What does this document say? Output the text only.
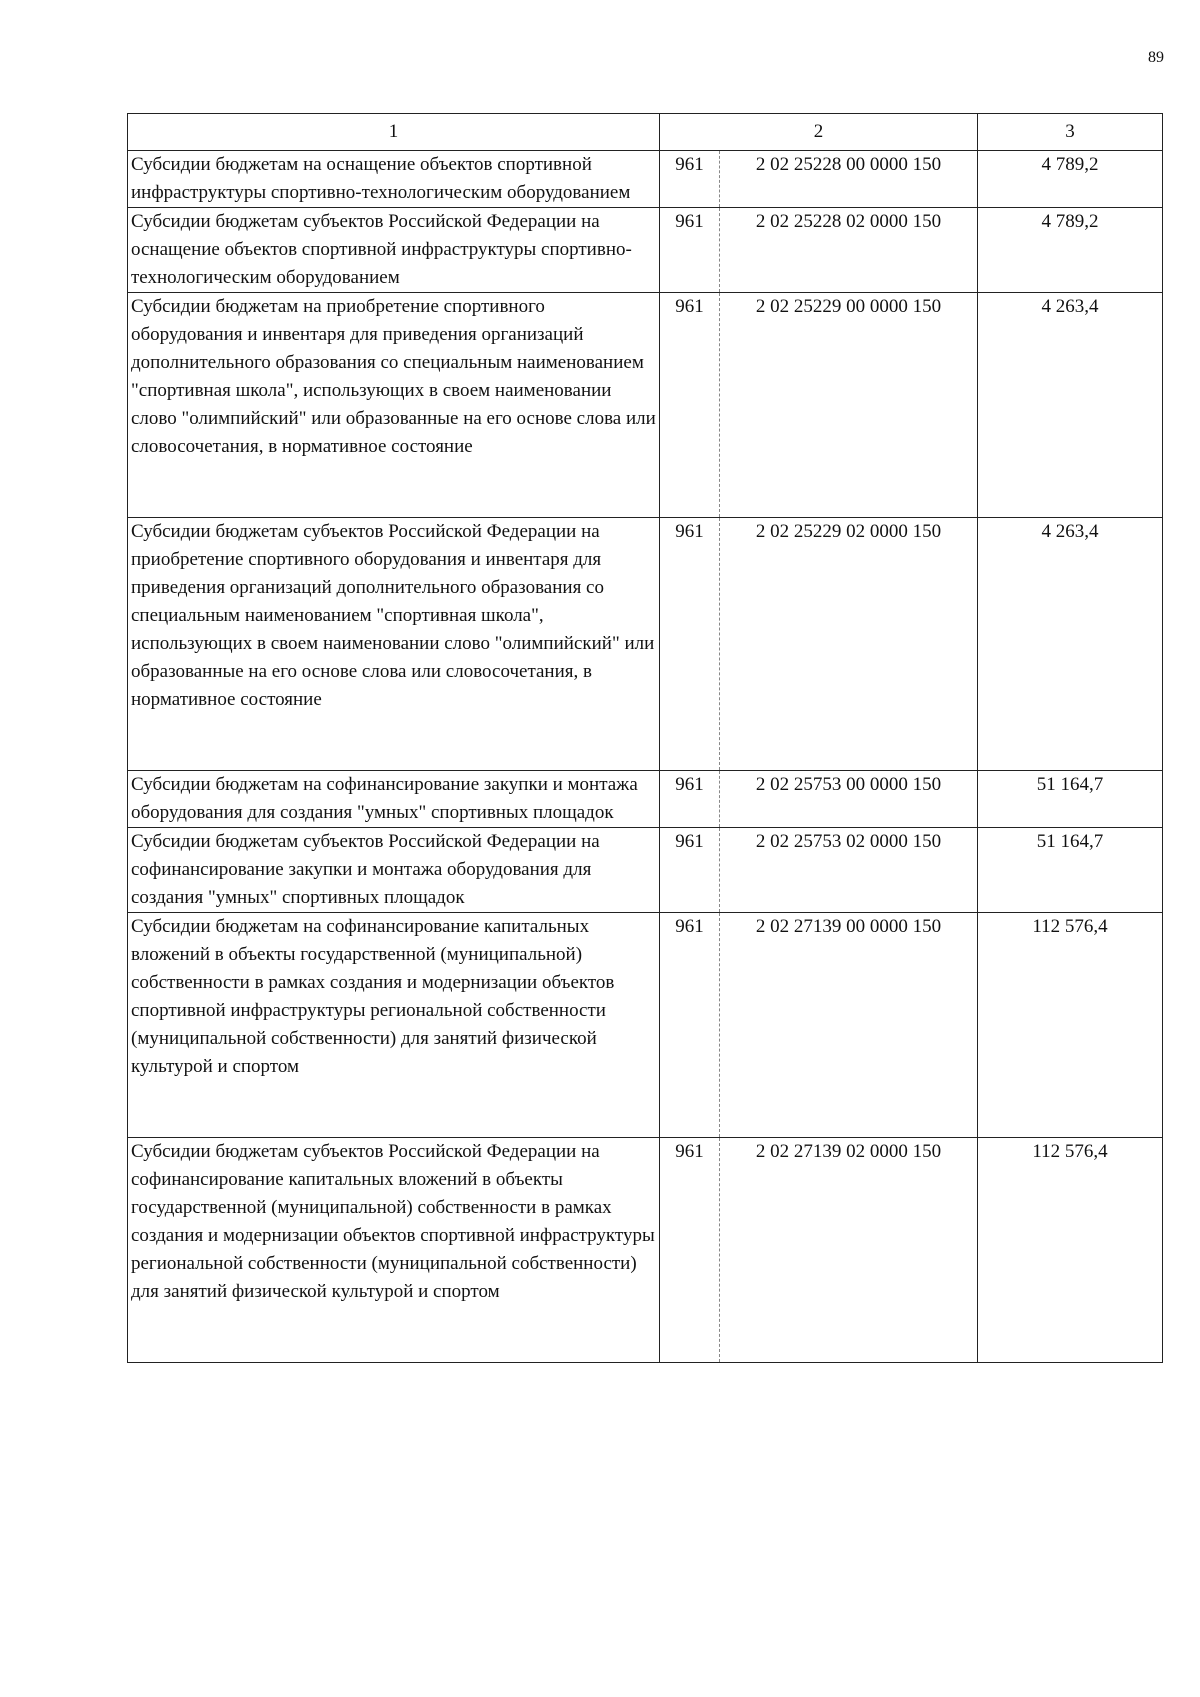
89
1	2		3
Субсидии бюджетам на оснащение объектов спортивной инфраструктуры спортивно-технологическим оборудованием	961	2 02 25228 00 0000 150	4 789,2
Субсидии бюджетам субъектов Российской Федерации на оснащение объектов спортивной инфраструктуры спортивно-технологическим оборудованием	961	2 02 25228 02 0000 150	4 789,2
Субсидии бюджетам на приобретение спортивного оборудования и инвентаря для приведения организаций дополнительного образования со специальным наименованием "спортивная школа", использующих в своем наименовании слово "олимпийский" или образованные на его основе слова или словосочетания, в нормативное состояние	961	2 02 25229 00 0000 150	4 263,4
Субсидии бюджетам субъектов Российской Федерации на приобретение спортивного оборудования и инвентаря для приведения организаций дополнительного образования со специальным наименованием "спортивная школа", использующих в своем наименовании слово "олимпийский" или образованные на его основе слова или словосочетания, в нормативное состояние	961	2 02 25229 02 0000 150	4 263,4
Субсидии бюджетам на софинансирование закупки и монтажа оборудования для создания "умных" спортивных площадок	961	2 02 25753 00 0000 150	51 164,7
Субсидии бюджетам субъектов Российской Федерации на софинансирование закупки и монтажа оборудования для создания "умных" спортивных площадок	961	2 02 25753 02 0000 150	51 164,7
Субсидии бюджетам на софинансирование капитальных вложений в объекты государственной (муниципальной) собственности в рамках создания и модернизации объектов спортивной инфраструктуры региональной собственности (муниципальной собственности) для занятий физической культурой и спортом	961	2 02 27139 00 0000 150	112 576,4
Субсидии бюджетам субъектов Российской Федерации на софинансирование капитальных вложений в объекты государственной (муниципальной) собственности в рамках создания и модернизации объектов спортивной инфраструктуры региональной собственности (муниципальной собственности) для занятий физической культурой и спортом	961	2 02 27139 02 0000 150	112 576,4
